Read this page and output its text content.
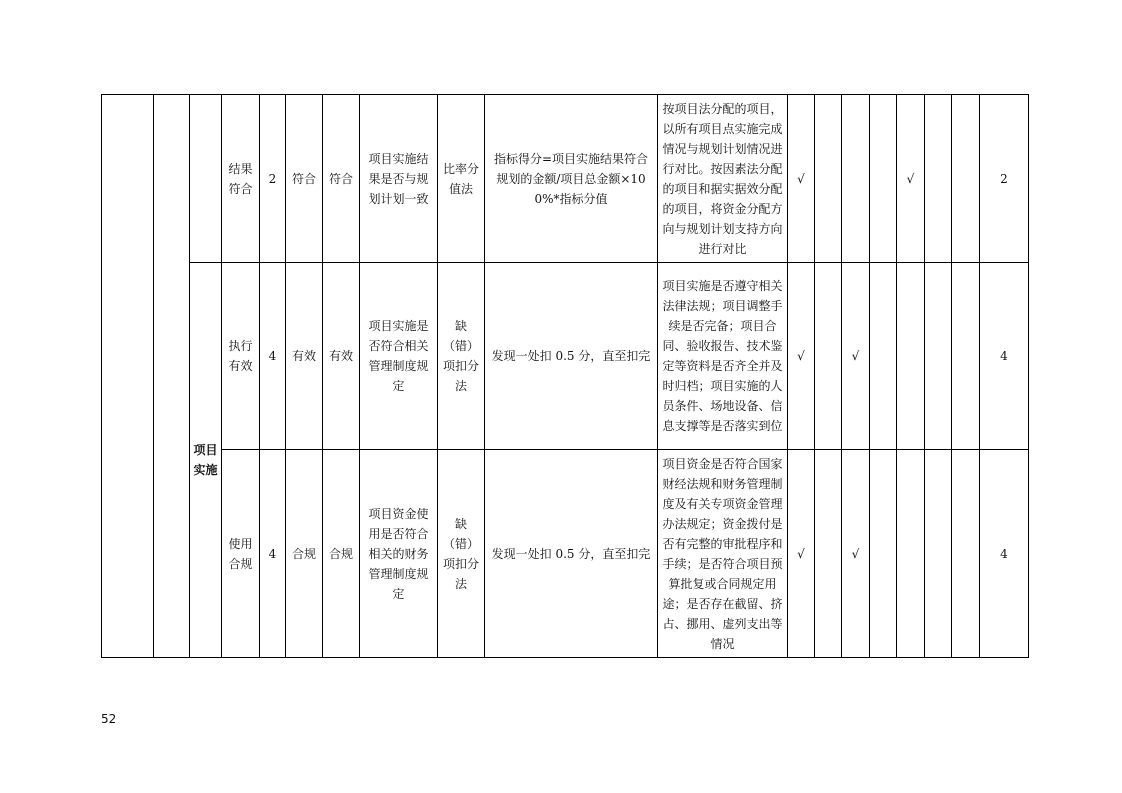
			结果符合	2	符合	符合	项目实施结果是否与规划计划一致	比率分值法	指标得分=项目实施结果符合规划的金额/项目总金额×100%*指标分值	按项目法分配的项目，以所有项目点实施完成情况与规划计划情况进行对比。按因素法分配的项目和据实据效分配的项目，将资金分配方向与规划计划支持方向进行对比	√				√			2
		项目实施	执行有效	4	有效	有效	项目实施是否符合相关管理制度规定	缺（错）项扣分法	发现一处扣 0.5 分，直至扣完	项目实施是否遵守相关法律法规；项目调整手续是否完备；项目合同、验收报告、技术鉴定等资料是否齐全并及时归档；项目实施的人员条件、场地设备、信息支撑等是否落实到位	√		√					4
			使用合规	4	合规	合规	项目资金使用是否符合相关的财务管理制度规定	缺（错）项扣分法	发现一处扣 0.5 分，直至扣完	项目资金是否符合国家财经法规和财务管理制度及有关专项资金管理办法规定；资金拨付是否有完整的审批程序和手续；是否符合项目预算批复或合同规定用途；是否存在截留、挤占、挪用、虚列支出等情况	√		√					4
52
